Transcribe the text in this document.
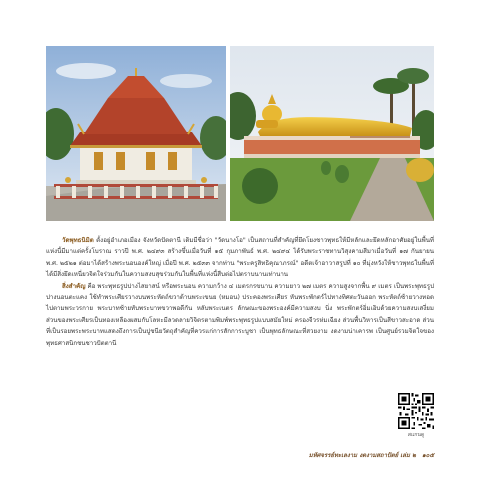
วัดพุทธนิมิต ตั้งอยู่อำเภอเมือง จังหวัดปัตตานี เดิมมีชื่อว่า "วัดนางโอ" เป็นสถานที่สำคัญที่ยึดโยงชาวพุทธให้มีหลักและยึดหลักอาศัยอยู่ในพื้นที่แห่งนี้มีมาแต่ครั้งโบราณ ราวปี พ.ศ. ๒๔๙๓ สร้างขึ้นเมื่อวันที่ ๑๕ กุมภาพันธ์ พ.ศ. ๒๔๙๔ ได้รับพระราชทานวิสุงคามสีมาเมื่อวันที่ ๑๗ กันยายน พ.ศ. ๒๕๒๑ ต่อมาได้สร้างพระนอนองค์ใหญ่ เมื่อปี พ.ศ. ๒๕๓๓ จากท่าน "พระครูสิทธิคุณาภรณ์" อดีตเจ้าอาวาสรูปที่ ๑๐ ที่มุ่งหวังให้ชาวพุทธในพื้นที่ได้มีสิ่งยึดเหนี่ยวจิตใจร่วมกันในความสงบสุขร่วมกันในพื้นที่แห่งนี้สืบต่อไปตราบนานเท่านาน

สิ่งสำคัญ คือ พระพุทธรูปปางไสยาสน์ หรือพระนอน ความกว้าง ๔ เมตรกรขนาน ความยาว ๒๗ เมตร ความสูงจากพื้น ๙ เมตร เป็นพระพุทธรูปปางนอนตะแคง ใช้ทำพระเศียรวางบนพระหัตถ์ขวาด้านพระเขนย (หมอน) ประคองพระเศียร หันพระพักตร์ไปทางทิศตะวันออก พระหัตถ์ซ้ายวางทอดไปตามพระวรกาย พระบาทซ้ายทับพระบาทขวาพอดีกัน หลับพระเนตร ลักษณะของพระองค์มีความสงบ นิ่ง พระพักตร์อิ่มเอิบด้วยความสงบเสงี่ยม ส่วนของพระเศียรเป็นทองเหลืองผสมกับโลหะมีลวดลายวิจิตรตามพิมพ์พระพุทธรูปแบบสมัยใหม่ ครองจีวรห่มเฉียง ส่วนพื้นวิหารเป็นสีขาวสะอาด ส่วนที่เป็นรอยพระพระบาทแสดงถึงการเป็นปูชนียวัตถุสำคัญที่ควรแก่การสักการะบูชา เป็นพุทธลักษณะที่สวยงาม งดงามน่าเคารพ เป็นศูนย์รวมจิตใจของพุทธศาสนิกชนชาวปัตตานี

สแกนดู
มหัศจรรย์ทะเลงาม งดงามสถาปัตย์ เล่ม ๒ ๑๐๕
